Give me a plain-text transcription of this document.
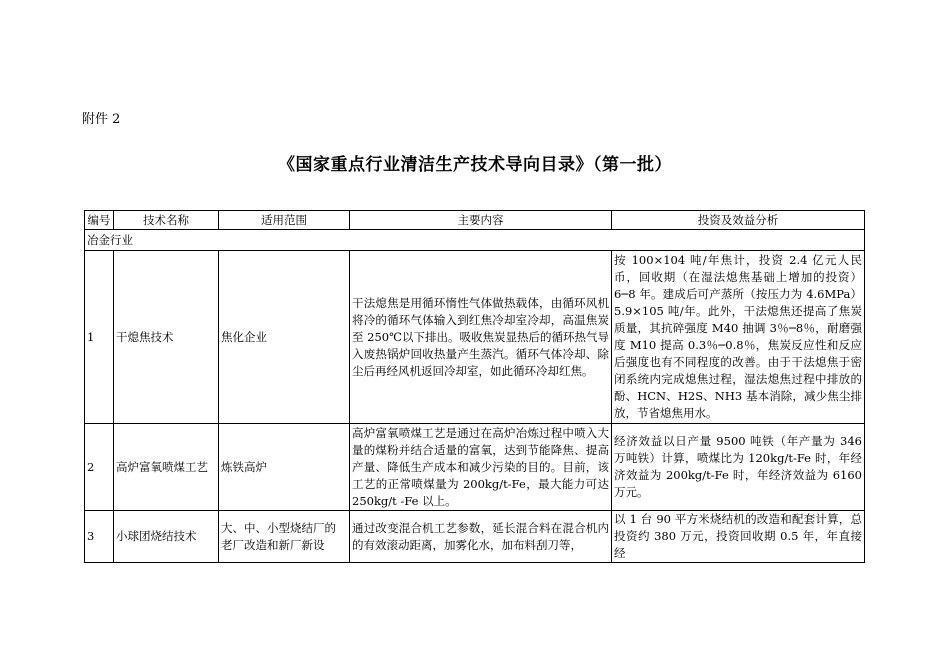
附件 2
《国家重点行业清洁生产技术导向目录》（第一批）
编号	技术名称	适用范围	主要内容	投资及效益分析
冶金行业				
1	干熄焦技术	焦化企业	干法熄焦是用循环惰性气体做热载体，由循环风机将冷的循环气体输入到红焦冷却室冷却，高温焦炭至 250℃以下排出。吸收焦炭显热后的循环热气导入废热锅炉回收热量产生蒸汽。循环气体冷却、除尘后再经风机返回冷却室，如此循环冷却红焦。	按 100×104 吨/年焦计，投资 2.4 亿元人民币，回收期（在湿法熄焦基础上增加的投资）6─8 年。建成后可产蒸所（按压力为 4.6MPa）5.9×105 吨/年。此外，干法熄焦还提高了焦炭质量，其抗碎强度 M40 抽调 3％─8％，耐磨强度 M10 提高 0.3％─0.8％，焦炭反应性和反应后强度也有不同程度的改善。由于干法熄焦于密闭系统内完成熄焦过程，湿法熄焦过程中排放的酚、HCN、H2S、NH3 基本消除，减少焦尘排放，节省熄焦用水。
2	高炉富氧喷煤工艺	炼铁高炉	高炉富氧喷煤工艺是通过在高炉冶炼过程中喷入大量的煤粉并结合适量的富氧，达到节能降焦、提高产量、降低生产成本和减少污染的目的。目前，该工艺的正常喷煤量为 200kg/t-Fe，最大能力可达 250kg/t -Fe 以上。	经济效益以日产量 9500 吨铁（年产量为 346 万吨铁）计算，喷煤比为 120kg/t-Fe 时，年经济效益为 200kg/t-Fe 时，年经济效益为 6160 万元。
3	小球团烧结技术	大、中、小型烧结厂的老厂改造和新厂新设	通过改变混合机工艺参数，延长混合料在混合机内的有效滚动距离，加雾化水，加布料刮刀等，	以 1 台 90 平方米烧结机的改造和配套计算，总投资约 380 万元，投资回收期 0.5 年，年直接经
